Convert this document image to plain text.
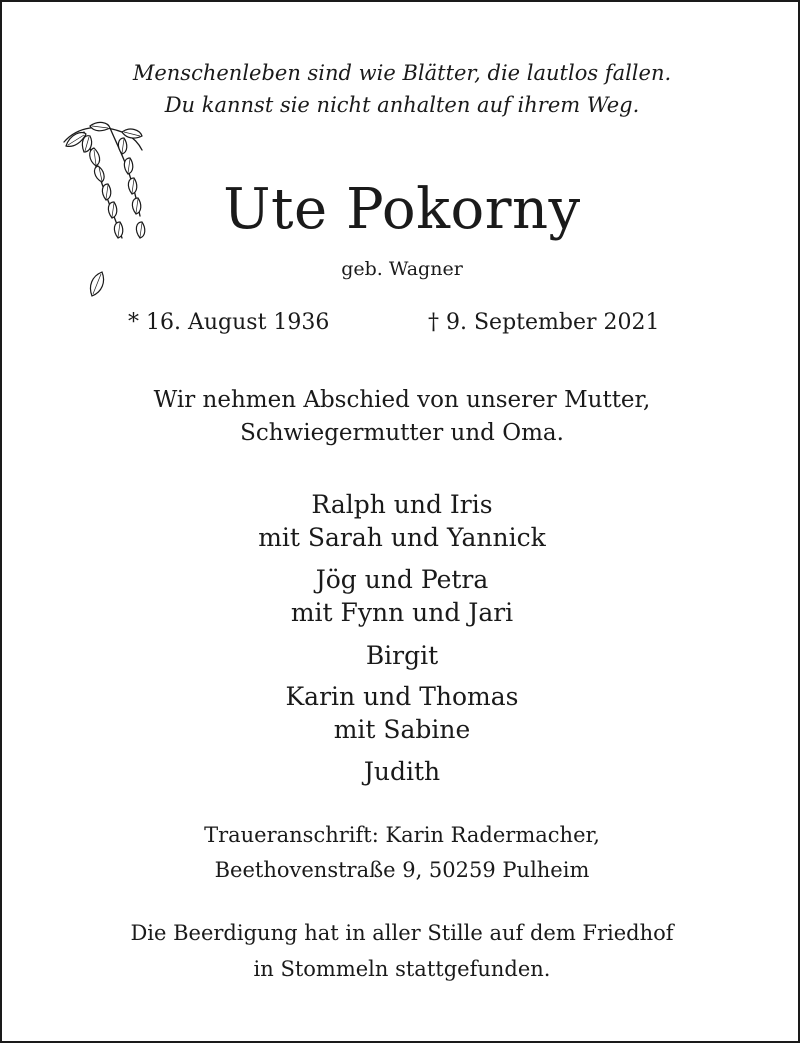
Menschenleben sind wie Blätter, die lautlos fallen.
Du kannst sie nicht anhalten auf ihrem Weg.
Ute Pokorny
geb. Wagner
* 16. August 1936	† 9. September 2021
Wir nehmen Abschied von unserer Mutter,
Schwiegermutter und Oma.
Ralph und Iris
mit Sarah und Yannick
Jög und Petra
mit Fynn und Jari
Birgit
Karin und Thomas
mit Sabine
Judith
Traueranschrift: Karin Radermacher,
Beethovenstraße 9, 50259 Pulheim
Die Beerdigung hat in aller Stille auf dem Friedhof
in Stommeln stattgefunden.
